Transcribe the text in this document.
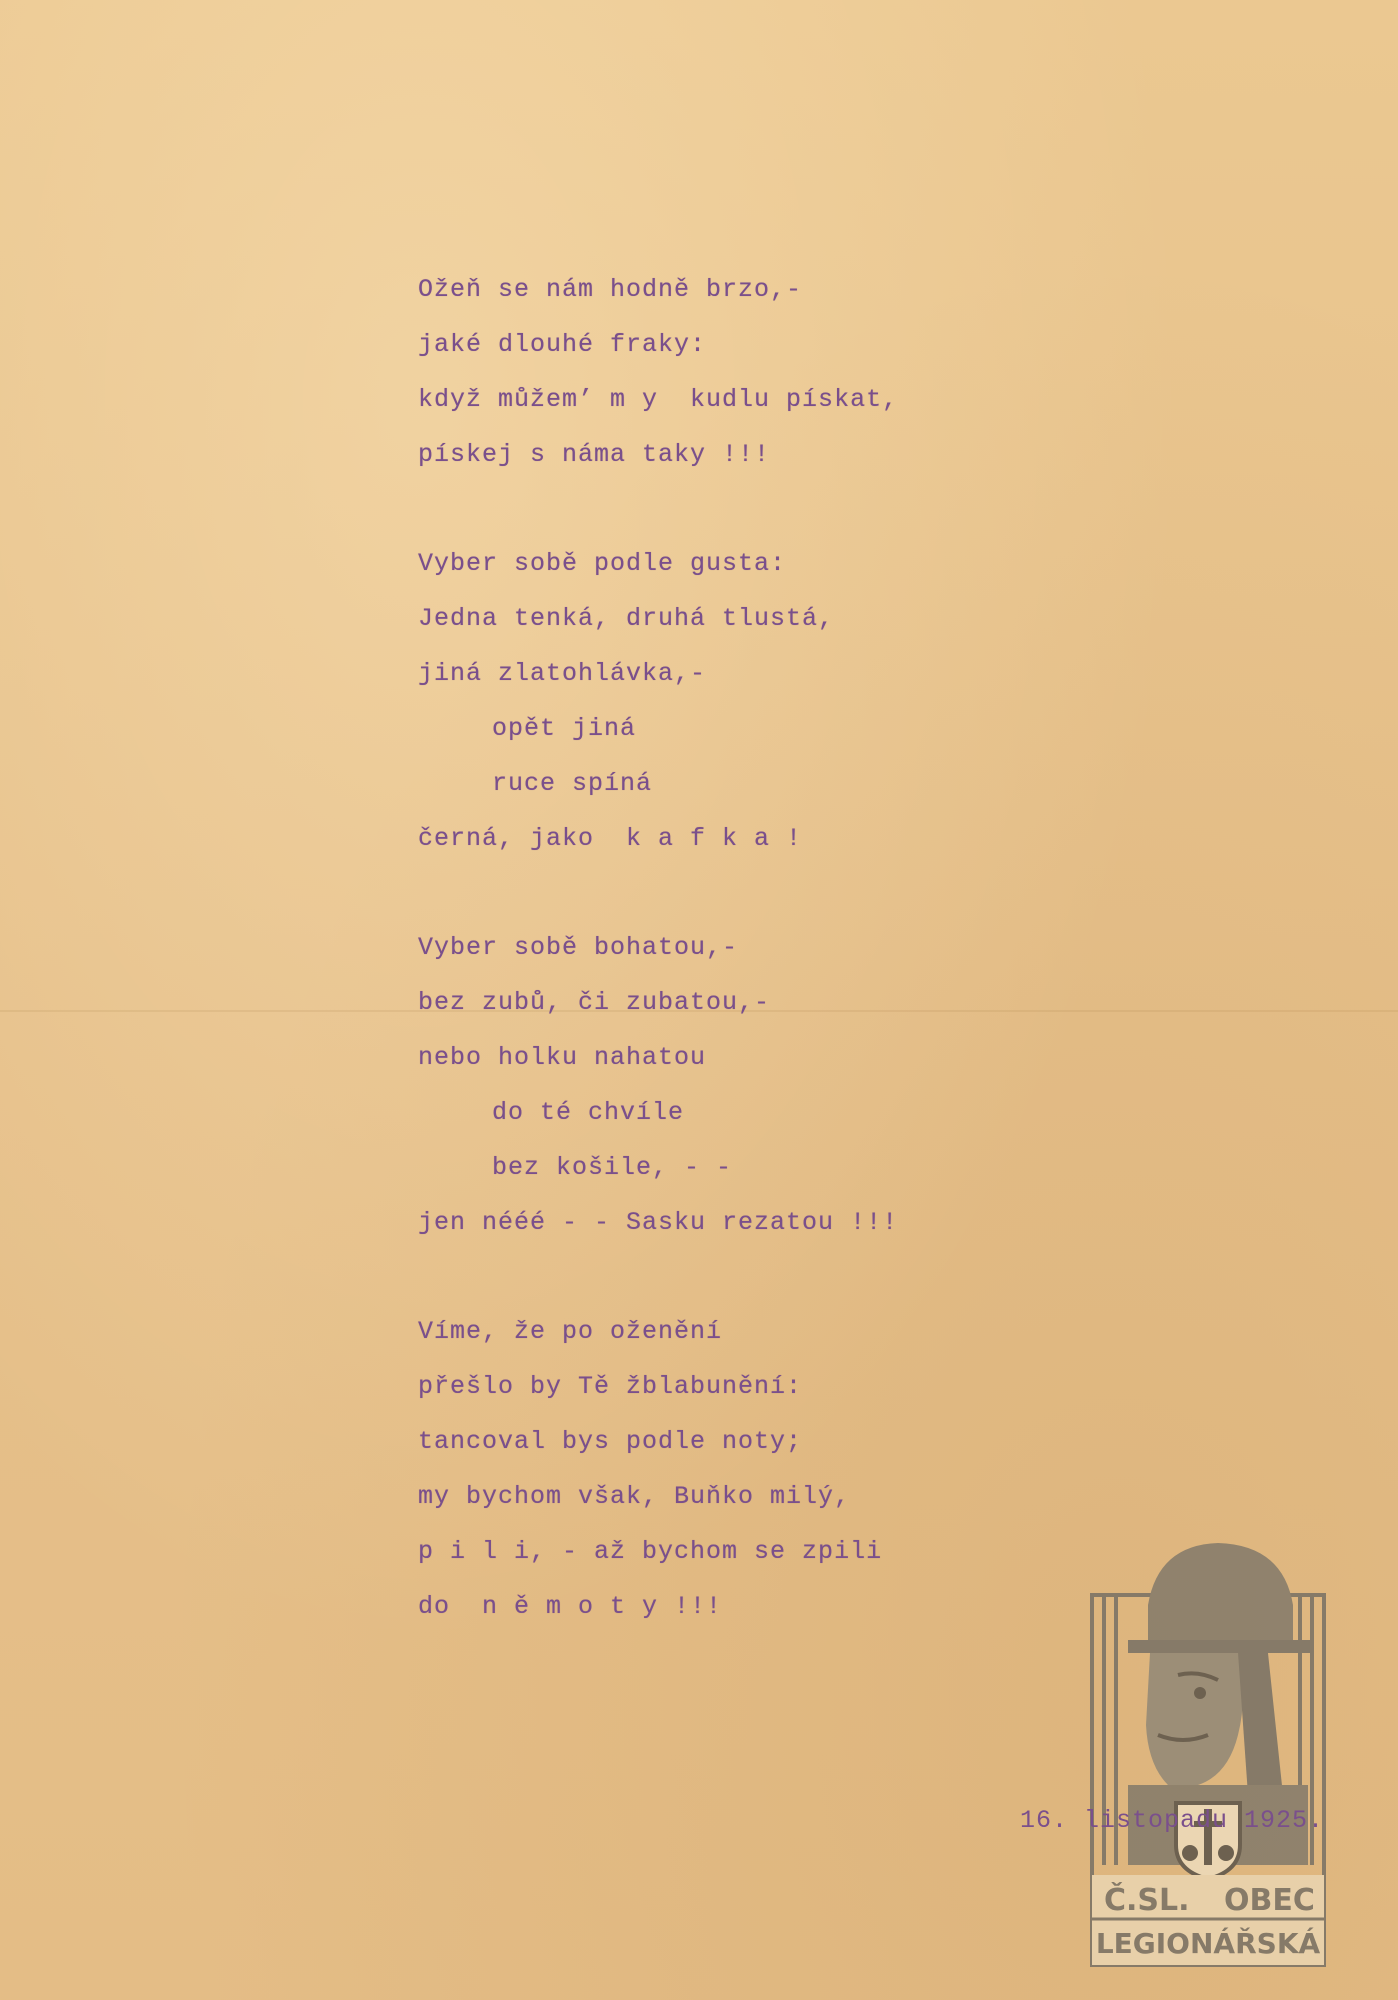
Ožeň se nám hodně brzo,-
jaké dlouhé fraky:
když můžem’ m y  kudlu pískat,
pískej s náma taky !!!
Vyber sobě podle gusta:
Jedna tenká, druhá tlustá,
jiná zlatohlávka,-
opět jiná
ruce spíná
černá, jako  k a f k a !
Vyber sobě bohatou,-
bez zubů, či zubatou,-
nebo holku nahatou
do té chvíle
bez košile, - -
jen nééé - - Sasku rezatou !!!
Víme, že po oženění
přešlo by Tě žblabunění:
tancoval bys podle noty;
my bychom však, Buňko milý,
p i l i, - až bychom se zpili
do  n ě m o t y !!!
16. listopadu 1925.
Č.SL. OBEC
LEGIONÁŘSKÁ
